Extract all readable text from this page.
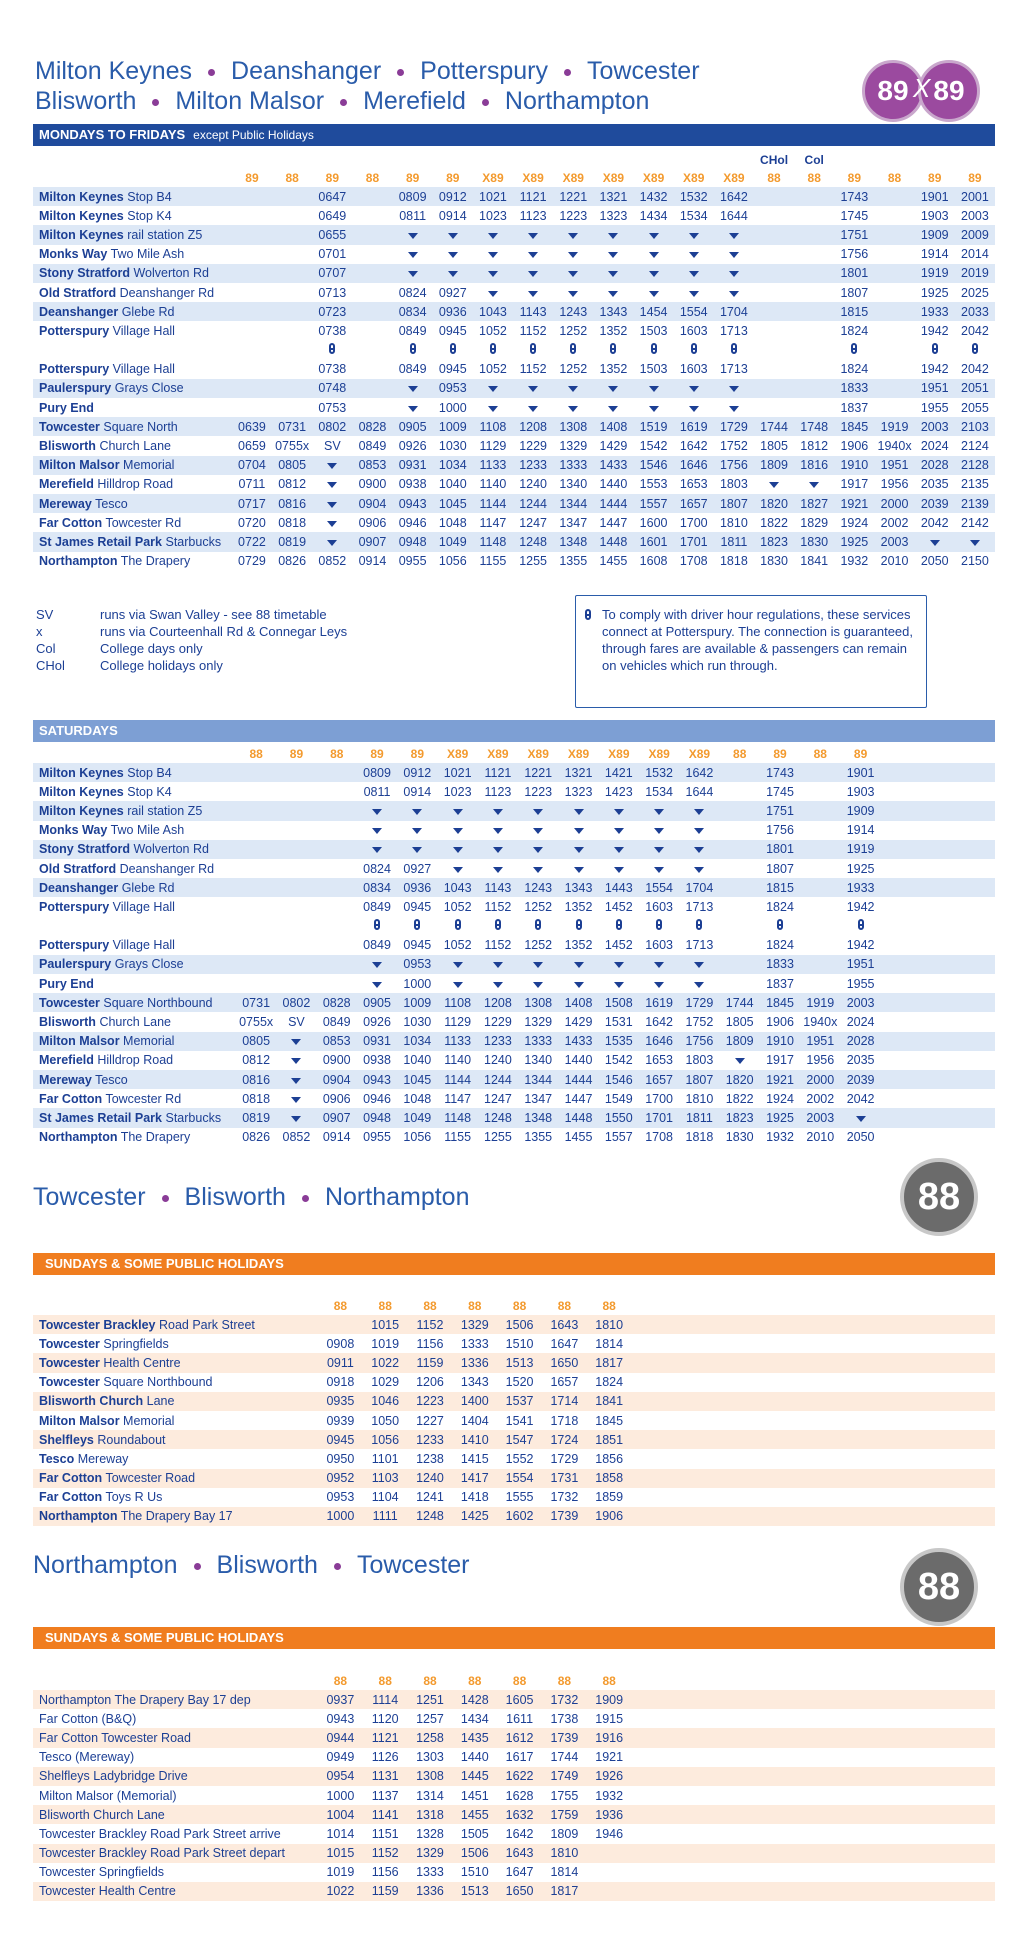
Milton Keynes Deanshanger Potterspury Towcester
Blisworth Milton Malsor Merefield Northampton	89 89
X
MONDAYS TO FRIDAYS except Public Holidays
														CHol	Col					
	89	88	89	88	89	89	X89	X89	X89	X89	X89	X89	X89	88	88	89	88	89	89	
Milton Keynes Stop B4			0647		0809	0912	1021	1121	1221	1321	1432	1532	1642			1743		1901	2001	
Milton Keynes Stop K4			0649		0811	0914	1023	1123	1223	1323	1434	1534	1644			1745		1903	2003	
Milton Keynes rail station Z5			0655													1751		1909	2009	
Monks Way Two Mile Ash			0701													1756		1914	2014	
Stony Stratford Wolverton Rd			0707													1801		1919	2019	
Old Stratford Deanshanger Rd			0713		0824	0927										1807		1925	2025	
Deanshanger Glebe Rd			0723		0834	0936	1043	1143	1243	1343	1454	1554	1704			1815		1933	2033	
Potterspury Village Hall			0738		0849	0945	1052	1152	1252	1352	1503	1603	1713			1824		1942	2042	

Potterspury Village Hall			0738		0849	0945	1052	1152	1252	1352	1503	1603	1713			1824		1942	2042	
Paulerspury Grays Close			0748			0953										1833		1951	2051	
Pury End			0753			1000										1837		1955	2055	
Towcester Square North	0639	0731	0802	0828	0905	1009	1108	1208	1308	1408	1519	1619	1729	1744	1748	1845	1919	2003	2103	
Blisworth Church Lane	0659	0755x	SV	0849	0926	1030	1129	1229	1329	1429	1542	1642	1752	1805	1812	1906	1940x	2024	2124	
Milton Malsor Memorial	0704	0805		0853	0931	1034	1133	1233	1333	1433	1546	1646	1756	1809	1816	1910	1951	2028	2128	
Merefield Hilldrop Road	0711	0812		0900	0938	1040	1140	1240	1340	1440	1553	1653	1803			1917	1956	2035	2135	
Mereway Tesco	0717	0816		0904	0943	1045	1144	1244	1344	1444	1557	1657	1807	1820	1827	1921	2000	2039	2139	
Far Cotton Towcester Rd	0720	0818		0906	0946	1048	1147	1247	1347	1447	1600	1700	1810	1822	1829	1924	2002	2042	2142	
St James Retail Park Starbucks	0722	0819		0907	0948	1049	1148	1248	1348	1448	1601	1701	1811	1823	1830	1925	2003			
Northampton The Drapery	0729	0826	0852	0914	0955	1056	1155	1255	1355	1455	1608	1708	1818	1830	1841	1932	2010	2050	2150	
SV	runs via Swan Valley - see 88 timetable
x	runs via Courteenhall Rd & Connegar Leys
Col	College days only
CHol	College holidays only
To comply with driver hour regulations, these services connect at Potterspury. The connection is guaranteed, through fares are available & passengers can remain on vehicles which run through.
SATURDAYS
	88	89	88	89	89	X89	X89	X89	X89	X89	X89	X89	88	89	88	89	
Milton Keynes Stop B4				0809	0912	1021	1121	1221	1321	1421	1532	1642		1743		1901	
Milton Keynes Stop K4				0811	0914	1023	1123	1223	1323	1423	1534	1644		1745		1903	
Milton Keynes rail station Z5														1751		1909	
Monks Way Two Mile Ash														1756		1914	
Stony Stratford Wolverton Rd														1801		1919	
Old Stratford Deanshanger Rd				0824	0927									1807		1925	
Deanshanger Glebe Rd				0834	0936	1043	1143	1243	1343	1443	1554	1704		1815		1933	
Potterspury Village Hall				0849	0945	1052	1152	1252	1352	1452	1603	1713		1824		1942	

Potterspury Village Hall				0849	0945	1052	1152	1252	1352	1452	1603	1713		1824		1942	
Paulerspury Grays Close					0953									1833		1951	
Pury End					1000									1837		1955	
Towcester Square Northbound	0731	0802	0828	0905	1009	1108	1208	1308	1408	1508	1619	1729	1744	1845	1919	2003	
Blisworth Church Lane	0755x	SV	0849	0926	1030	1129	1229	1329	1429	1531	1642	1752	1805	1906	1940x	2024	
Milton Malsor Memorial	0805		0853	0931	1034	1133	1233	1333	1433	1535	1646	1756	1809	1910	1951	2028	
Merefield Hilldrop Road	0812		0900	0938	1040	1140	1240	1340	1440	1542	1653	1803		1917	1956	2035	
Mereway Tesco	0816		0904	0943	1045	1144	1244	1344	1444	1546	1657	1807	1820	1921	2000	2039	
Far Cotton Towcester Rd	0818		0906	0946	1048	1147	1247	1347	1447	1549	1700	1810	1822	1924	2002	2042	
St James Retail Park Starbucks	0819		0907	0948	1049	1148	1248	1348	1448	1550	1701	1811	1823	1925	2003		
Northampton The Drapery	0826	0852	0914	0955	1056	1155	1255	1355	1455	1557	1708	1818	1830	1932	2010	2050	
Towcester Blisworth Northampton	88
SUNDAYS & SOME PUBLIC HOLIDAYS
	88	88	88	88	88	88	88	
Towcester Brackley Road Park Street		1015	1152	1329	1506	1643	1810	
Towcester Springfields	0908	1019	1156	1333	1510	1647	1814	
Towcester Health Centre	0911	1022	1159	1336	1513	1650	1817	
Towcester Square Northbound	0918	1029	1206	1343	1520	1657	1824	
Blisworth Church Lane	0935	1046	1223	1400	1537	1714	1841	
Milton Malsor Memorial	0939	1050	1227	1404	1541	1718	1845	
Shelfleys Roundabout	0945	1056	1233	1410	1547	1724	1851	
Tesco Mereway	0950	1101	1238	1415	1552	1729	1856	
Far Cotton Towcester Road	0952	1103	1240	1417	1554	1731	1858	
Far Cotton Toys R Us	0953	1104	1241	1418	1555	1732	1859	
Northampton The Drapery Bay 17	1000	1111	1248	1425	1602	1739	1906	
Northampton Blisworth Towcester
88
SUNDAYS & SOME PUBLIC HOLIDAYS
	88	88	88	88	88	88	88	
Northampton The Drapery Bay 17 dep	0937	1114	1251	1428	1605	1732	1909	
Far Cotton (B&Q)	0943	1120	1257	1434	1611	1738	1915	
Far Cotton Towcester Road	0944	1121	1258	1435	1612	1739	1916	
Tesco (Mereway)	0949	1126	1303	1440	1617	1744	1921	
Shelfleys Ladybridge Drive	0954	1131	1308	1445	1622	1749	1926	
Milton Malsor (Memorial)	1000	1137	1314	1451	1628	1755	1932	
Blisworth Church Lane	1004	1141	1318	1455	1632	1759	1936	
Towcester Brackley Road Park Street arrive	1014	1151	1328	1505	1642	1809	1946	
Towcester Brackley Road Park Street depart	1015	1152	1329	1506	1643	1810		
Towcester Springfields	1019	1156	1333	1510	1647	1814		
Towcester Health Centre	1022	1159	1336	1513	1650	1817		
